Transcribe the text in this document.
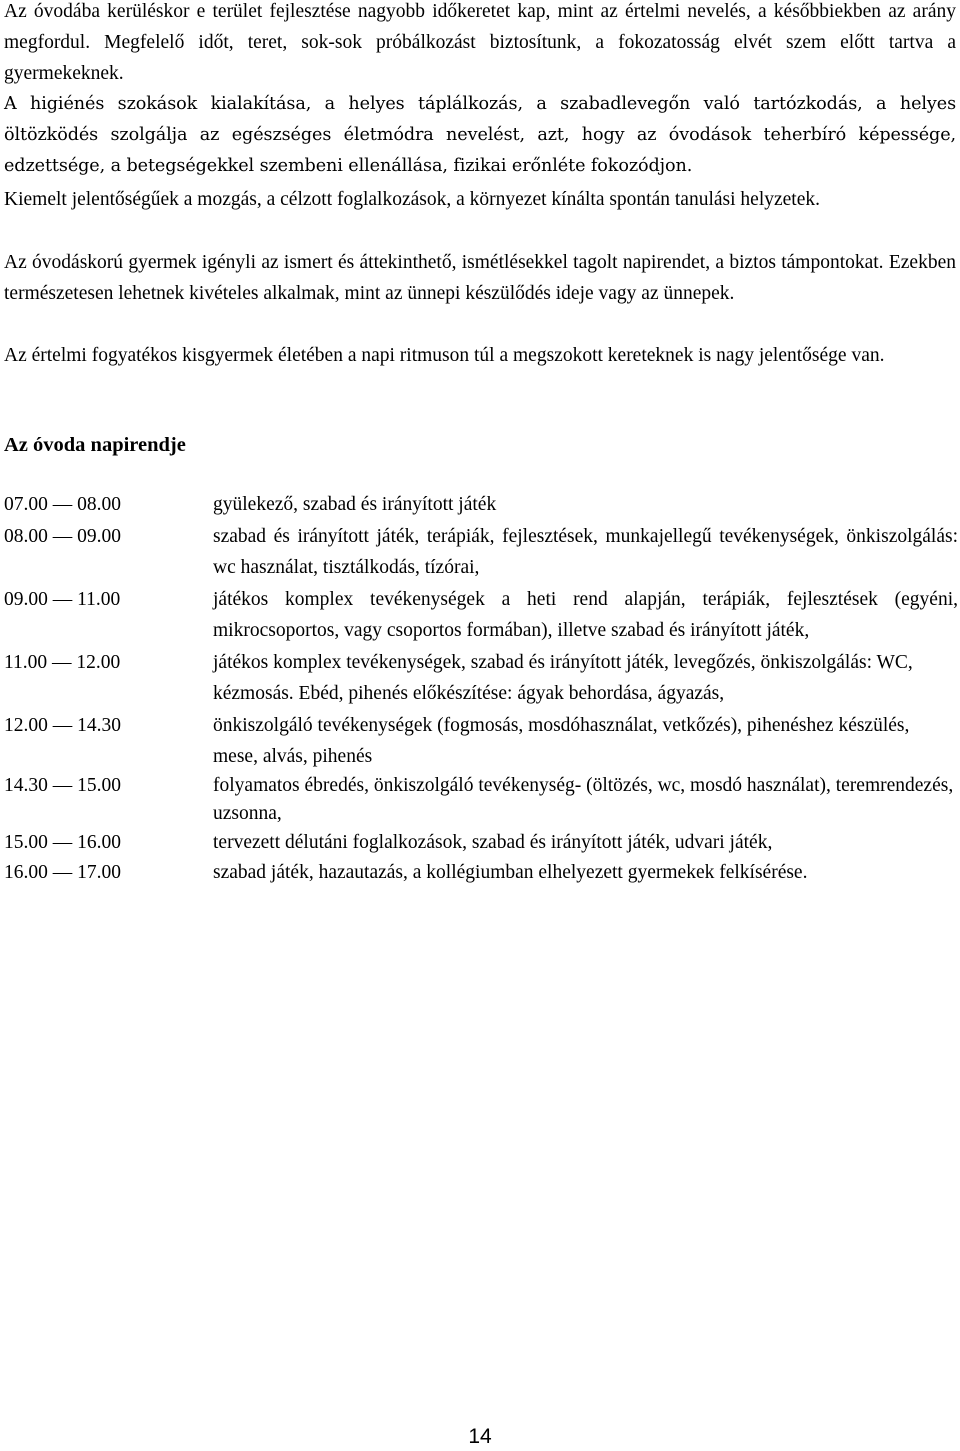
Az óvodába kerüléskor e terület fejlesztése nagyobb időkeretet kap, mint az értelmi nevelés, a későbbiekben az arány megfordul. Megfelelő időt, teret, sok-sok próbálkozást biztosítunk, a fokozatosság elvét szem előtt tartva a gyermekeknek.

A higiénés szokások kialakítása, a helyes táplálkozás, a szabadlevegőn való tartózkodás, a helyes öltözködés szolgálja az egészséges életmódra nevelést, azt, hogy az óvodások teherbíró képessége, edzettsége, a betegségekkel szembeni ellenállása, fizikai erőnléte fokozódjon.

Kiemelt jelentőségűek a mozgás, a célzott foglalkozások, a környezet kínálta spontán tanulási helyzetek.

Az óvodáskorú gyermek igényli az ismert és áttekinthető, ismétlésekkel tagolt napirendet, a biztos támpontokat. Ezekben természetesen lehetnek kivételes alkalmak, mint az ünnepi készülődés ideje vagy az ünnepek.

Az értelmi fogyatékos kisgyermek életében a napi ritmuson túl a megszokott kereteknek is nagy jelentősége van.

Az óvoda napirendje
07.00 — 08.00	gyülekező, szabad és irányított játék
08.00 — 09.00	szabad és irányított játék, terápiák, fejlesztések, munkajellegű tevékenységek, önkiszolgálás: wc használat, tisztálkodás, tízórai,
09.00 — 11.00	játékos komplex tevékenységek a heti rend alapján, terápiák, fejlesztések (egyéni, mikrocsoportos, vagy csoportos formában), illetve szabad és irányított játék,
11.00 — 12.00	játékos komplex tevékenységek, szabad és irányított játék, levegőzés, önkiszolgálás: WC, kézmosás. Ebéd, pihenés előkészítése: ágyak behordása, ágyazás,
12.00 — 14.30	önkiszolgáló tevékenységek (fogmosás, mosdóhasználat, vetkőzés), pihenéshez készülés, mese, alvás, pihenés
14.30 — 15.00	folyamatos ébredés, önkiszolgáló tevékenység- (öltözés, wc, mosdó használat), teremrendezés, uzsonna,
15.00 — 16.00	tervezett délutáni foglalkozások, szabad és irányított játék, udvari játék,
16.00 — 17.00	szabad játék, hazautazás, a kollégiumban elhelyezett gyermekek felkísérése.
14
